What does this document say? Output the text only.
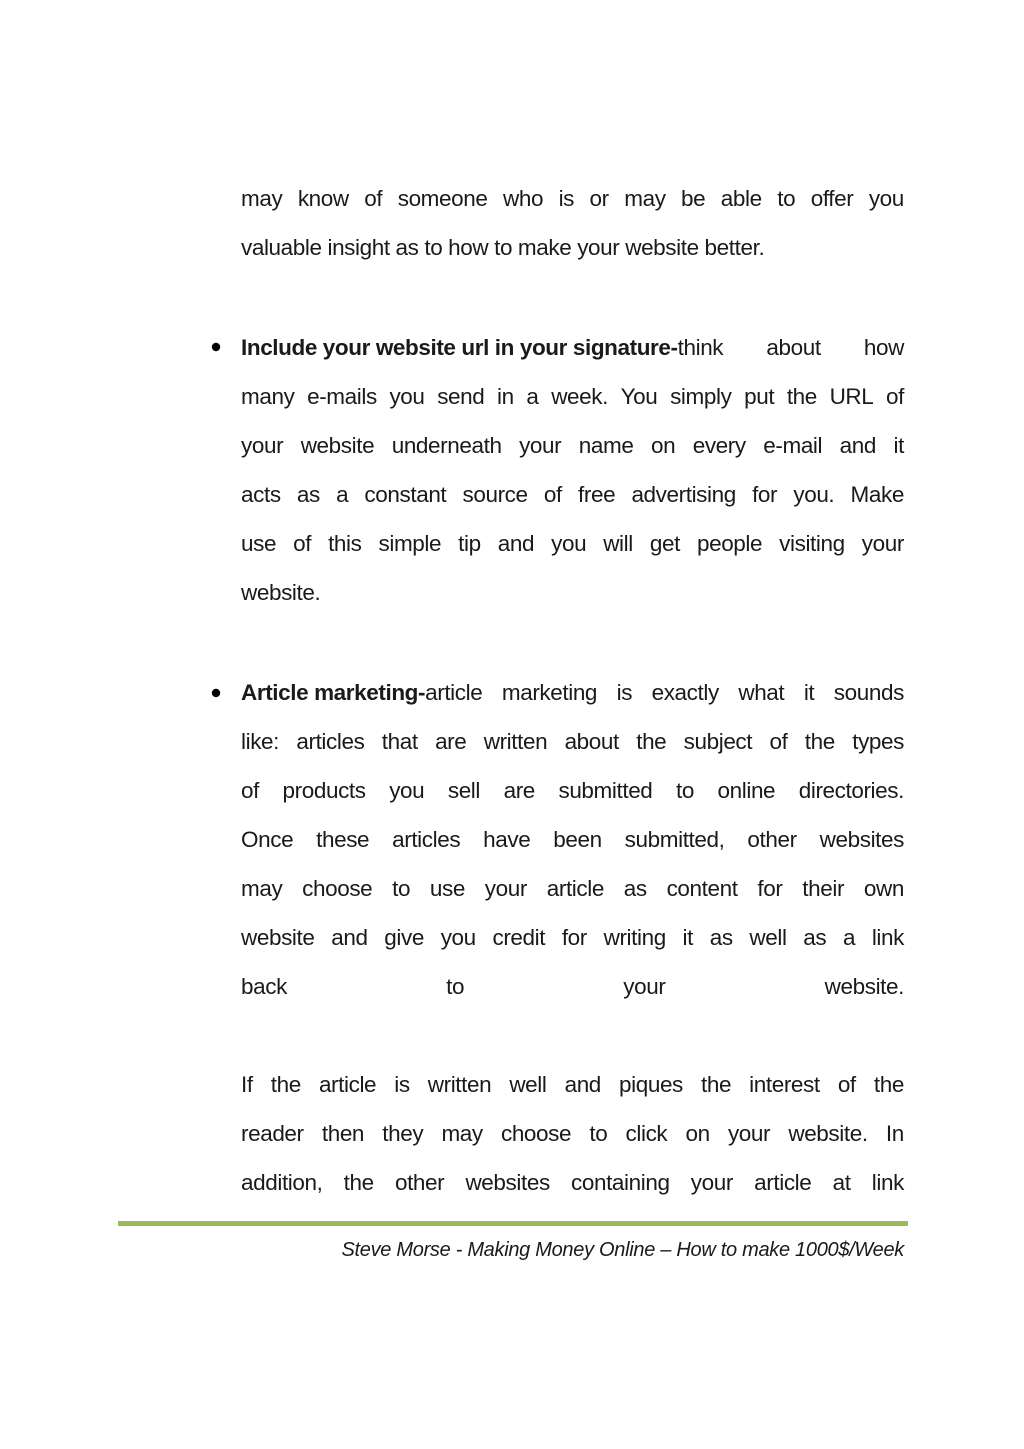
may know of someone who is or may be able to offer you
valuable insight as to how to make your website better.
Include your website url in your signature-think about how
many e-mails you send in a week. You simply put the URL of
your website underneath your name on every e-mail and it
acts as a constant source of free advertising for you. Make
use of this simple tip and you will get people visiting your
website.
Article marketing-article marketing is exactly what it sounds
like: articles that are written about the subject of the types
of products you sell are submitted to online directories.
Once these articles have been submitted, other websites
may choose to use your article as content for their own
website and give you credit for writing it as well as a link
back	to	your	website.
If the article is written well and piques the interest of the
reader then they may choose to click on your website. In
addition, the other websites containing your article at link
Steve Morse - Making Money Online – How to make 1000$/Week
